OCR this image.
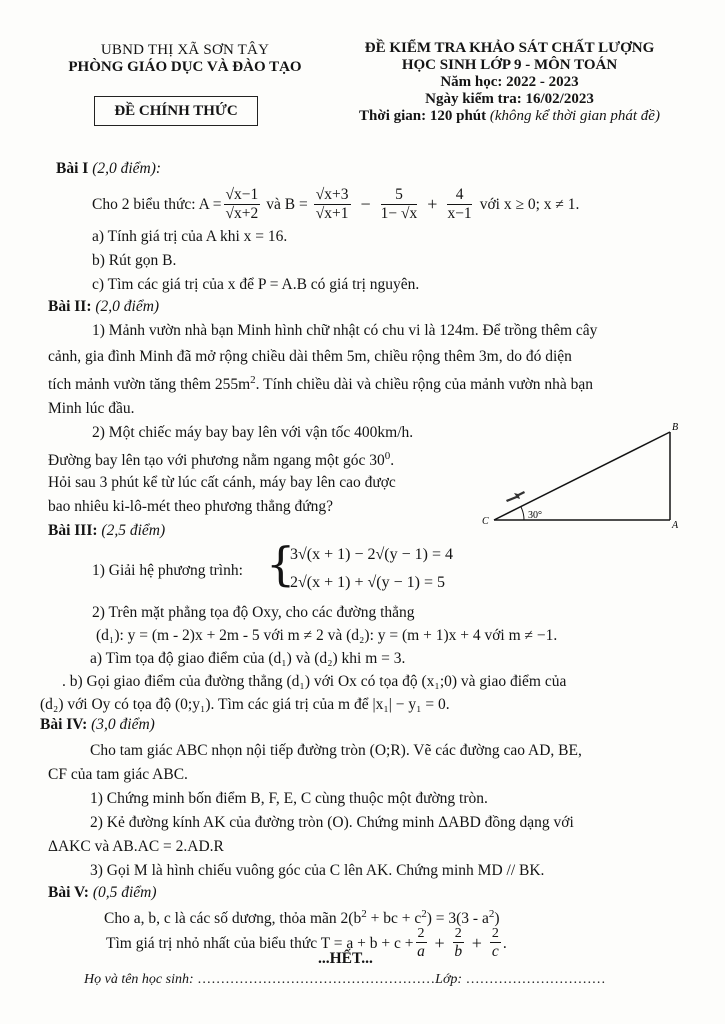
UBND THỊ XÃ SƠN TÂY
PHÒNG GIÁO DỤC VÀ ĐÀO TẠO
ĐỀ CHÍNH THỨC
ĐỀ KIỂM TRA KHẢO SÁT CHẤT LƯỢNG
HỌC SINH LỚP 9 - MÔN TOÁN
Năm học: 2022 - 2023
Ngày kiểm tra: 16/02/2023
Thời gian: 120 phút (không kể thời gian phát đề)
Bài I (2,0 điểm):
Cho 2 biểu thức: $A = \frac{√x-1}{√x+2}$ và $B = \frac{√x+3}{√x+1} - \frac{5}{1- √x} + \frac{4}{x-1}$ với x ≥ 0; x ≠ 1.
a) Tính giá trị của A khi x = 16.
b) Rút gọn B.
c) Tìm các giá trị của x để P = A.B có giá trị nguyên.
Bài II: (2,0 điểm)
1) Mảnh vườn nhà bạn Minh hình chữ nhật có chu vi là 124m. Để trồng thêm cây
cảnh, gia đình Minh đã mở rộng chiều dài thêm 5m, chiều rộng thêm 3m, do đó diện
tích mảnh vườn tăng thêm $255m^2$. Tính chiều dài và chiều rộng của mảnh vườn nhà bạn
Minh lúc đầu.
2) Một chiếc máy bay bay lên với vận tốc 400km/h.
Đường bay lên tạo với phương nằm ngang một góc $30^0$.
Hỏi sau 3 phút kể từ lúc cất cánh, máy bay lên cao được
bao nhiêu ki-lô-mét theo phương thẳng đứng?
B
C	A
30°
Bài III: (2,5 điểm)
1) Giải hệ phương trình: {
3√(x + 1) − 2√(y − 1) = 4
2√(x + 1) + √(y − 1) = 5
2) Trên mặt phẳng tọa độ Oxy, cho các đường thẳng
(d₁): y = (m - 2)x + 2m - 5 với m ≠ 2 và (d₂): y = (m + 1)x + 4 với m ≠ −1.
a) Tìm tọa độ giao điểm của (d₁) và (d₂) khi m = 3.
. b) Gọi giao điểm của đường thẳng (d₁) với Ox có tọa độ (x₁;0) và giao điểm của
(d₂) với Oy có tọa độ (0;y₁). Tìm các giá trị của m để |x₁| − y₁ = 0.
Bài IV: (3,0 điểm)
Cho tam giác ABC nhọn nội tiếp đường tròn (O;R). Vẽ các đường cao AD, BE,
CF của tam giác ABC.
1) Chứng minh bốn điểm B, F, E, C cùng thuộc một đường tròn.
2) Kẻ đường kính AK của đường tròn (O). Chứng minh ΔABD đồng dạng với
ΔAKC và AB.AC = 2.AD.R
3) Gọi M là hình chiếu vuông góc của C lên AK. Chứng minh MD // BK.
Bài V: (0,5 điểm)
Cho a, b, c là các số dương, thỏa mãn $2(b^2$ + bc + $c^2) = 3(3 - a^2)$
Tìm giá trị nhỏ nhất của biểu thức $T = a + b + c + \frac{2}{a} + \frac{2}{b} + \frac{2}{c}$ .
...HẾT...
Họ và tên học sinh: ……………………………………………Lớp: …………………………
